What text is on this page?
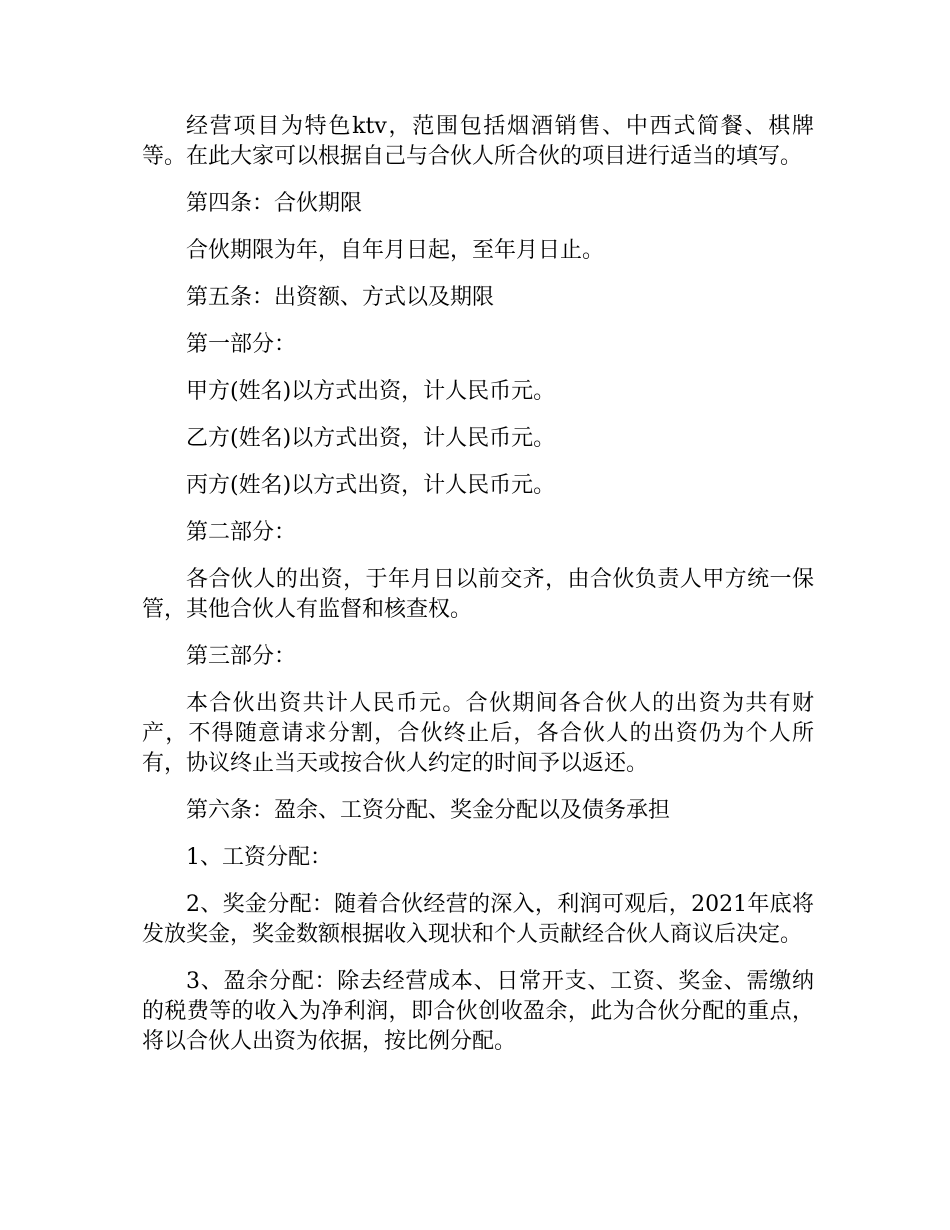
经营项目为特色ktv，范围包括烟酒销售、中西式简餐、棋牌等。在此大家可以根据自己与合伙人所合伙的项目进行适当的填写。

第四条：合伙期限

合伙期限为年，自年月日起，至年月日止。

第五条：出资额、方式以及期限

第一部分：

甲方(姓名)以方式出资，计人民币元。

乙方(姓名)以方式出资，计人民币元。

丙方(姓名)以方式出资，计人民币元。

第二部分：

各合伙人的出资，于年月日以前交齐，由合伙负责人甲方统一保管，其他合伙人有监督和核查权。

第三部分：

本合伙出资共计人民币元。合伙期间各合伙人的出资为共有财产，不得随意请求分割，合伙终止后，各合伙人的出资仍为个人所有，协议终止当天或按合伙人约定的时间予以返还。

第六条：盈余、工资分配、奖金分配以及债务承担

1、工资分配：

2、奖金分配：随着合伙经营的深入，利润可观后，2021年底将发放奖金，奖金数额根据收入现状和个人贡献经合伙人商议后决定。

3、盈余分配：除去经营成本、日常开支、工资、奖金、需缴纳的税费等的收入为净利润，即合伙创收盈余，此为合伙分配的重点，将以合伙人出资为依据，按比例分配。
